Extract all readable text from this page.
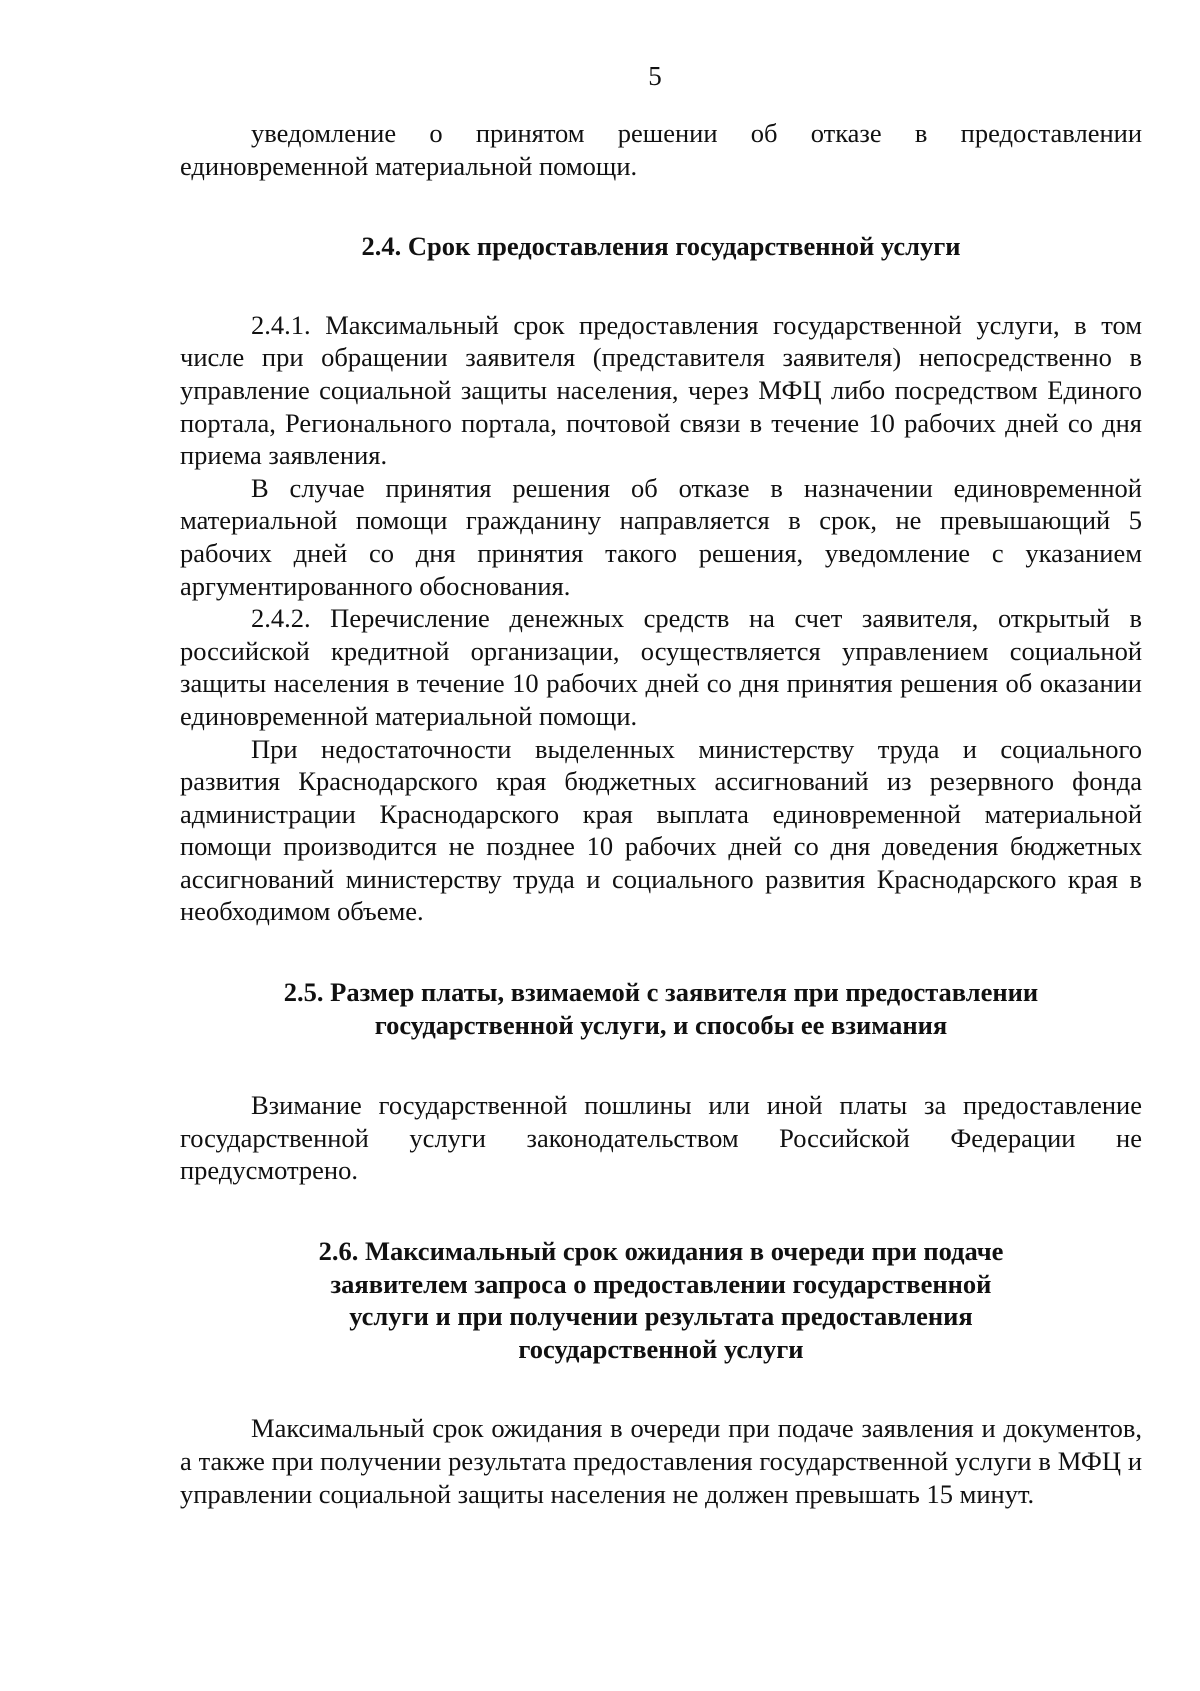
5

уведомление о принятом решении об отказе в предоставлении единовременной материальной помощи.

2.4. Срок предоставления государственной услуги

2.4.1. Максимальный срок предоставления государственной услуги, в том числе при обращении заявителя (представителя заявителя) непосредственно в управление социальной защиты населения, через МФЦ либо посредством Единого портала, Регионального портала, почтовой связи в течение 10 рабочих дней со дня приема заявления.

В случае принятия решения об отказе в назначении единовременной материальной помощи гражданину направляется в срок, не превышающий 5 рабочих дней со дня принятия такого решения, уведомление с указанием аргументированного обоснования.

2.4.2. Перечисление денежных средств на счет заявителя, открытый в российской кредитной организации, осуществляется управлением социальной защиты населения в течение 10 рабочих дней со дня принятия решения об оказании единовременной материальной помощи.

При недостаточности выделенных министерству труда и социального развития Краснодарского края бюджетных ассигнований из резервного фонда администрации Краснодарского края выплата единовременной материальной помощи производится не позднее 10 рабочих дней со дня доведения бюджетных ассигнований министерству труда и социального развития Краснодарского края в необходимом объеме.

2.5. Размер платы, взимаемой с заявителя при предоставлении

государственной услуги, и способы ее взимания

Взимание государственной пошлины или иной платы за предоставление государственной услуги законодательством Российской Федерации не предусмотрено.

2.6. Максимальный срок ожидания в очереди при подаче

заявителем запроса о предоставлении государственной

услуги и при получении результата предоставления

государственной услуги

Максимальный срок ожидания в очереди при подаче заявления и документов, а также при получении результата предоставления государственной услуги в МФЦ и управлении социальной защиты населения не должен превышать 15 минут.
